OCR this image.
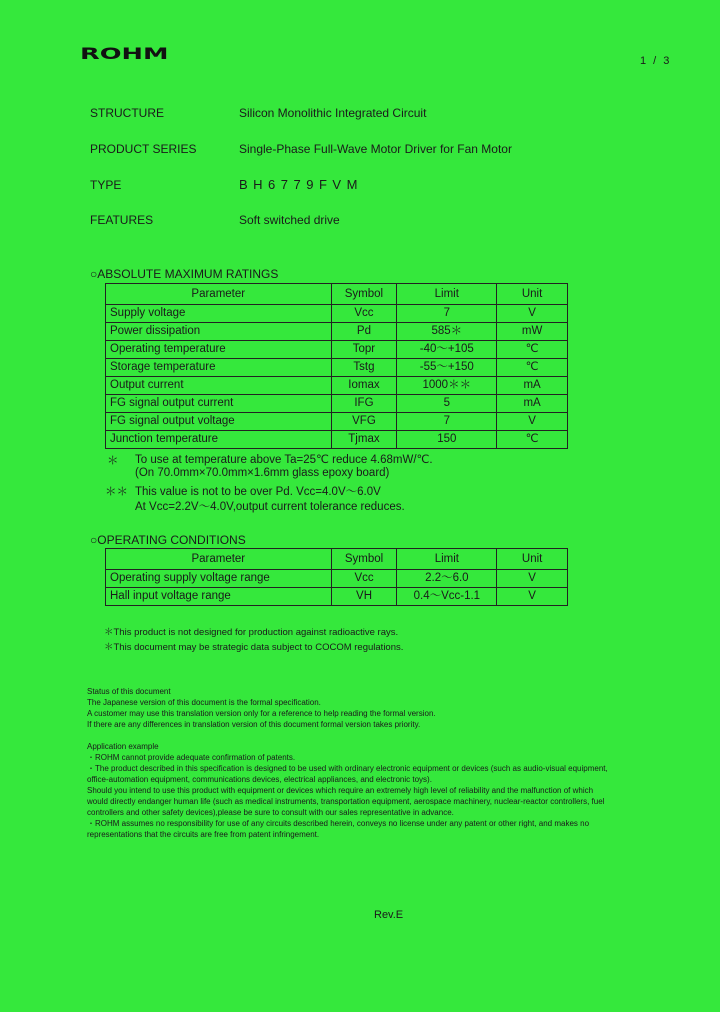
ROHM	1 / 3
STRUCTURE	Silicon Monolithic Integrated Circuit
PRODUCT SERIES	Single-Phase Full-Wave Motor Driver for Fan Motor
TYPE	BH6779FVM
FEATURES	Soft switched drive
○ABSOLUTE MAXIMUM RATINGS
Parameter	Symbol	Limit	Unit
Supply voltage	Vcc	7	V
Power dissipation	Pd	585＊	mW
Operating temperature	Topr	-40～+105	℃
Storage temperature	Tstg	-55～+150	℃
Output current	Iomax	1000＊＊	mA
FG signal output current	IFG	5	mA
FG signal output voltage	VFG	7	V
Junction temperature	Tjmax	150	℃
＊ To use at temperature above Ta=25℃ reduce 4.68mW/℃.
(On 70.0mm×70.0mm×1.6mm glass epoxy board)
＊＊ This value is not to be over Pd. Vcc=4.0V～6.0V
At Vcc=2.2V～4.0V,output current tolerance reduces.
○OPERATING CONDITIONS
Parameter	Symbol	Limit	Unit
Operating supply voltage range	Vcc	2.2～6.0	V
Hall input voltage range	VH	0.4～Vcc-1.1	V
＊This product is not designed for production against radioactive rays.
＊This document may be strategic data subject to COCOM regulations.
Status of this document
The Japanese version of this document is the formal specification.
A customer may use this translation version only for a reference to help reading the formal version.
If there are any differences in translation version of this document formal version takes priority.
Application example
・ROHM cannot provide adequate confirmation of patents.
・The product described in this specification is designed to be used with ordinary electronic equipment or devices (such as audio-visual equipment,
office-automation equipment, communications devices, electrical appliances, and electronic toys).
Should you intend to use this product with equipment or devices which require an extremely high level of reliability and the malfunction of which
would directly endanger human life (such as medical instruments, transportation equipment, aerospace machinery, nuclear-reactor controllers, fuel
controllers and other safety devices),please be sure to consult with our sales representative in advance.
・ROHM assumes no responsibility for use of any circuits described herein, conveys no license under any patent or other right, and makes no
representations that the circuits are free from patent infringement.
Rev.E
